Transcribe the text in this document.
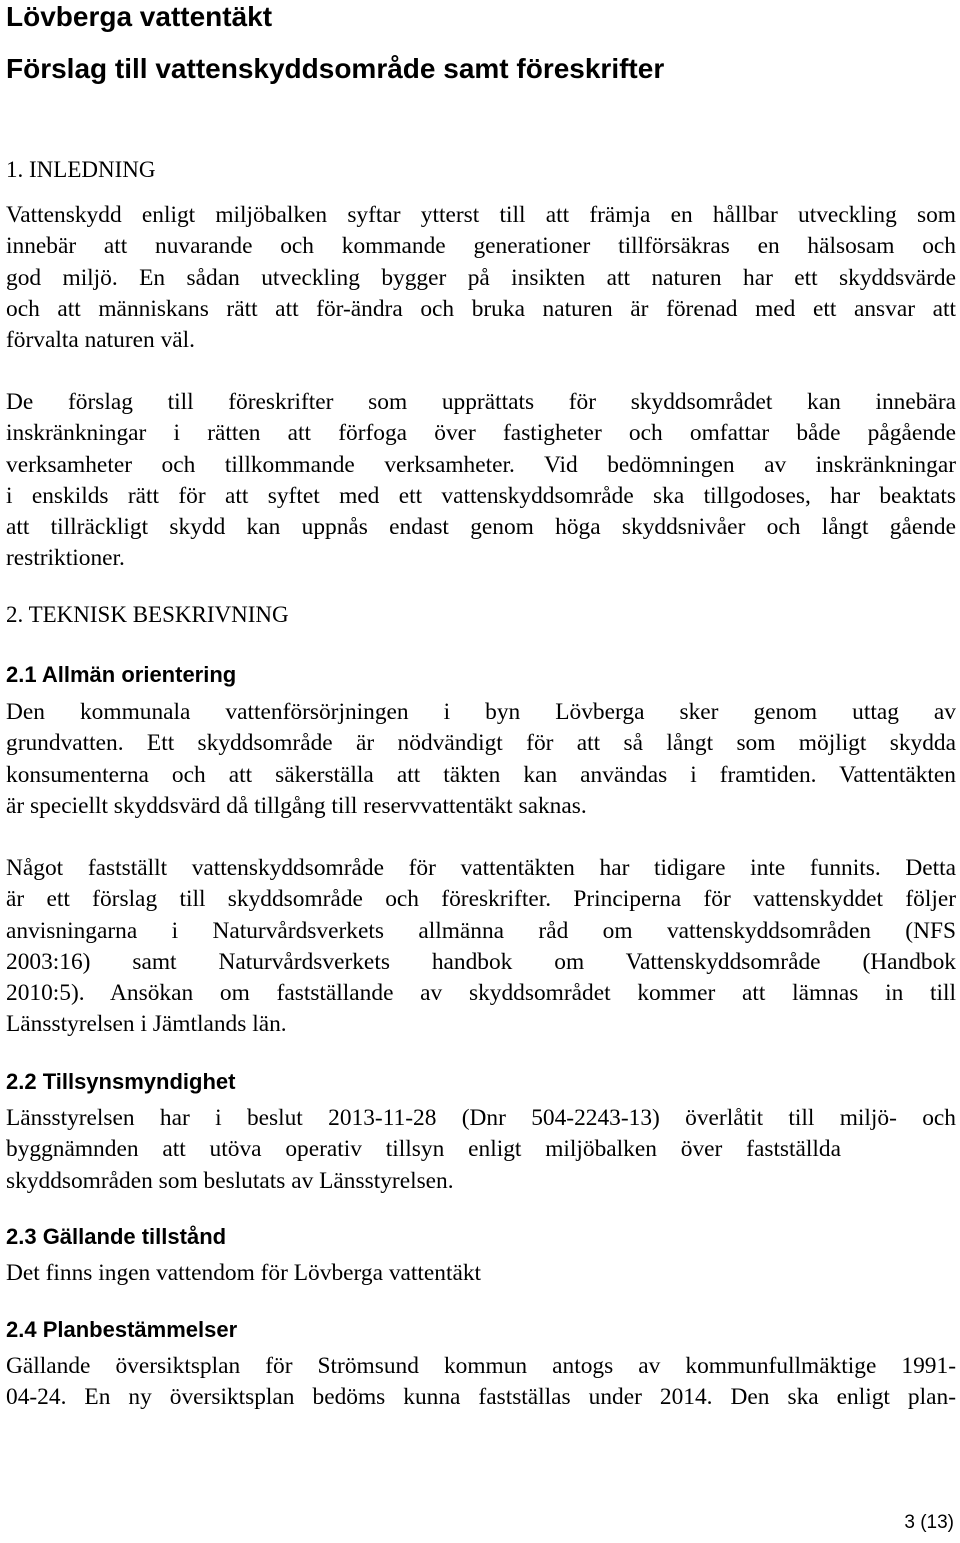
Lövberga vattentäkt
Förslag till vattenskyddsområde samt föreskrifter
1. INLEDNING
Vattenskydd enligt miljöbalken syftar ytterst till att främja en hållbar utveckling som
innebär att nuvarande och kommande generationer tillförsäkras en hälsosam och
god miljö. En sådan utveckling bygger på insikten att naturen har ett skyddsvärde
och att människans rätt att för-ändra och bruka naturen är förenad med ett ansvar att
förvalta naturen väl.
De förslag till föreskrifter som upprättats för skyddsområdet kan innebära
inskränkningar i rätten att förfoga över fastigheter och omfattar både pågående
verksamheter och tillkommande verksamheter. Vid bedömningen av inskränkningar
i enskilds rätt för att syftet med ett vattenskyddsområde ska tillgodoses, har beaktats
att tillräckligt skydd kan uppnås endast genom höga skyddsnivåer och långt gående
restriktioner.
2. TEKNISK BESKRIVNING
2.1 Allmän orientering
Den kommunala vattenförsörjningen i byn Lövberga sker genom uttag av
grundvatten. Ett skyddsområde är nödvändigt för att så långt som möjligt skydda
konsumenterna och att säkerställa att täkten kan användas i framtiden. Vattentäkten
är speciellt skyddsvärd då tillgång till reservvattentäkt saknas.
Något fastställt vattenskyddsområde för vattentäkten har tidigare inte funnits. Detta
är ett förslag till skyddsområde och föreskrifter. Principerna för vattenskyddet följer
anvisningarna i Naturvårdsverkets allmänna råd om vattenskyddsområden (NFS
2003:16) samt Naturvårdsverkets handbok om Vattenskyddsområde (Handbok
2010:5). Ansökan om fastställande av skyddsområdet kommer att lämnas in till
Länsstyrelsen i Jämtlands län.
2.2 Tillsynsmyndighet
Länsstyrelsen har i beslut 2013-11-28 (Dnr 504-2243-13) överlåtit till miljö- och
byggnämnden att utöva operativ tillsyn enligt miljöbalken över fastställda
skyddsområden som beslutats av Länsstyrelsen.
2.3 Gällande tillstånd
Det finns ingen vattendom för Lövberga vattentäkt
2.4 Planbestämmelser
Gällande översiktsplan för Strömsund kommun antogs av kommunfullmäktige 1991-
04-24. En ny översiktsplan bedöms kunna fastställas under 2014. Den ska enligt plan-
3 (13)
